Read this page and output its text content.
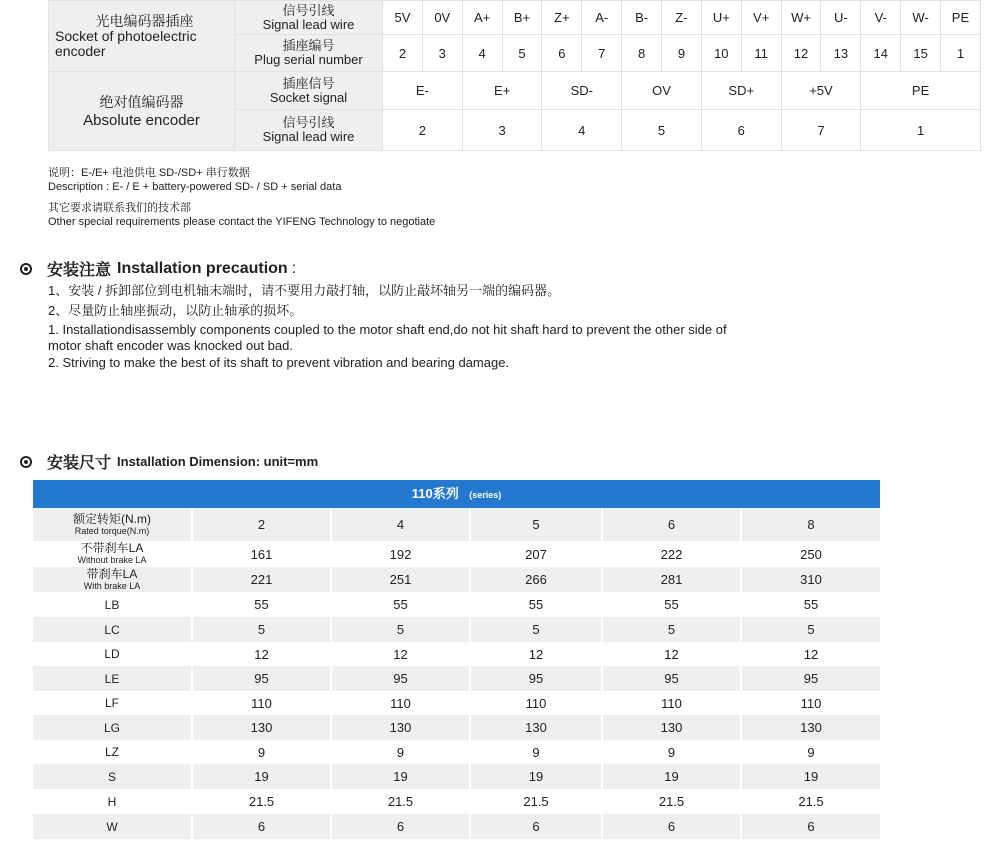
光电编码器插座
Socket of photoelectric encoder	信号引线
Signal lead wire	5V	0V	A+	B+	Z+	A-	B-	Z-	U+	V+	W+	U-	V-	W-	PE

	插座编号
Plug serial number	2	3	4	5	6	7	8	9	10	11	12	13	14	15	1

绝对值编码器
Absolute encoder	插座信号
Socket signal	E-		E+		SD-		OV		SD+		+5V		PE		

	信号引线
Signal lead wire	2		3		4		5		6		7		1		
说明：E-/E+ 电池供电 SD-/SD+ 串行数据
Description : E- / E + battery-powered SD- / SD + serial data
其它要求请联系我们的技术部
Other special requirements please contact the YIFENG Technology to negotiate
安装注意 Installation precaution :
1、安装 / 拆卸部位到电机轴末端时，请不要用力敲打轴，以防止敲坏轴另一端的编码器。
2、尽量防止轴座振动，以防止轴承的损坏。
1. Installationdisassembly components coupled to the motor shaft end,do not hit shaft hard to prevent the other side of
motor shaft encoder was knocked out bad.
2. Striving to make the best of its shaft to prevent vibration and bearing damage.
安装尺寸 Installation Dimension: unit=mm
110系列 (series)
额定转矩(N.m)
Rated torque(N.m)	2	4	5	6	8

不带刹车LA
Without brake LA	161	192	207	222	250

带刹车LA
With brake LA	221	251	266	281	310

LB	55	55	55	55	55

LC	5	5	5	5	5

LD	12	12	12	12	12

LE	95	95	95	95	95

LF	110	110	110	110	110

LG	130	130	130	130	130

LZ	9	9	9	9	9

S	19	19	19	19	19

H	21.5	21.5	21.5	21.5	21.5

W	6	6	6	6	6
